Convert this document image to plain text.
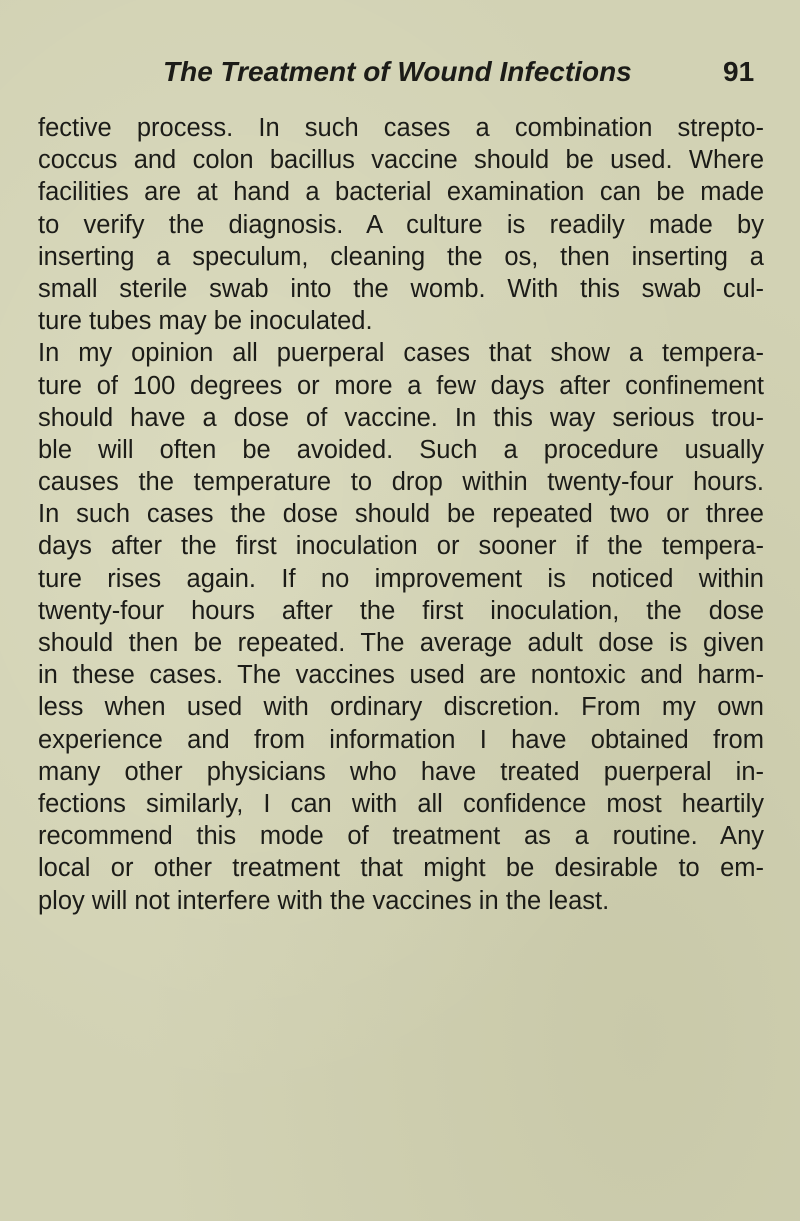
The Treatment of Wound Infections	91
fective process. In such cases a combination strepto-
coccus and colon bacillus vaccine should be used. Where
facilities are at hand a bacterial examination can be made
to verify the diagnosis. A culture is readily made by
inserting a speculum, cleaning the os, then inserting a
small sterile swab into the womb. With this swab cul-
ture tubes may be inoculated.
In my opinion all puerperal cases that show a tempera-
ture of 100 degrees or more a few days after confinement
should have a dose of vaccine. In this way serious trou-
ble will often be avoided. Such a procedure usually
causes the temperature to drop within twenty-four hours.
In such cases the dose should be repeated two or three
days after the first inoculation or sooner if the tempera-
ture rises again. If no improvement is noticed within
twenty-four hours after the first inoculation, the dose
should then be repeated. The average adult dose is given
in these cases. The vaccines used are nontoxic and harm-
less when used with ordinary discretion. From my own
experience and from information I have obtained from
many other physicians who have treated puerperal in-
fections similarly, I can with all confidence most heartily
recommend this mode of treatment as a routine. Any
local or other treatment that might be desirable to em-
ploy will not interfere with the vaccines in the least.
